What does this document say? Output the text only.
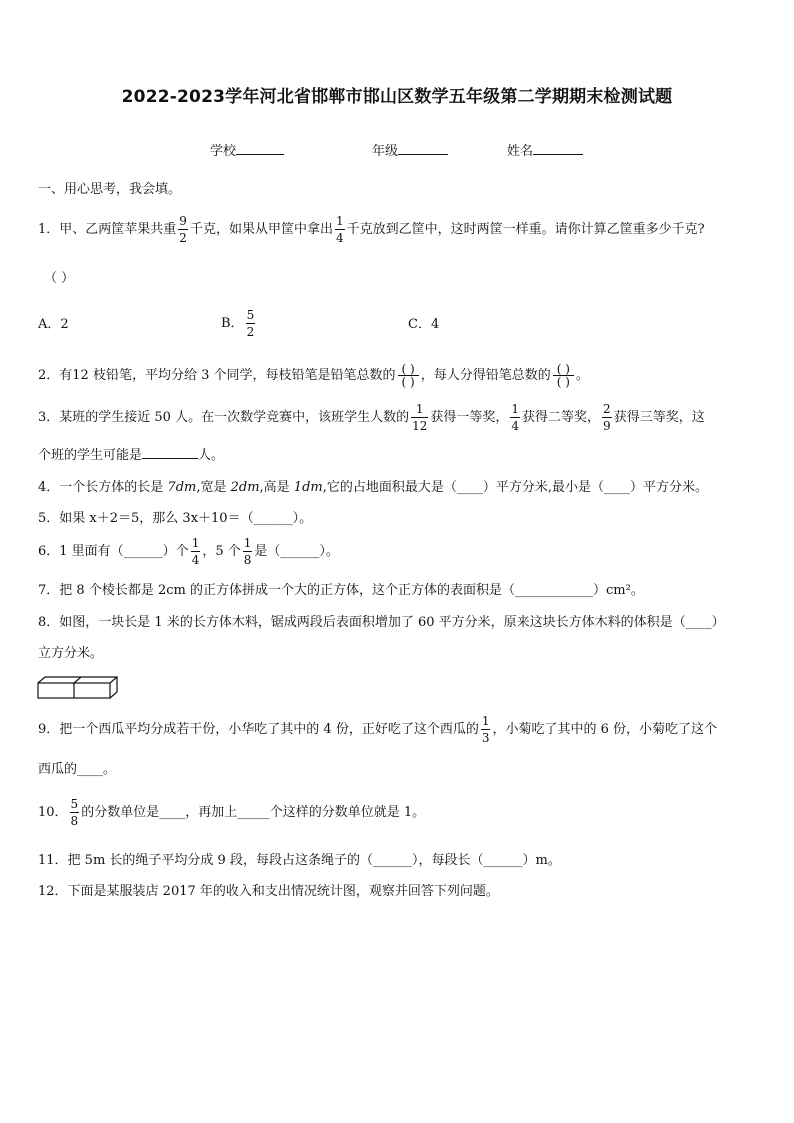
2022-2023学年河北省邯郸市邯山区数学五年级第二学期期末检测试题
学校	年级	姓名
一、用心思考，我会填。
1．甲、乙两筐苹果共重 $\frac{9}{2}$ 千克，如果从甲筐中拿出 $\frac{1}{4}$ 千克放到乙筐中，这时两筐一样重。请你计算乙筐重多少千克?
（ ）
A．2	B． $\frac{5}{2}$	C．4
2．有12 枝铅笔，平均分给 3 个同学，每枝铅笔是铅笔总数的 $\frac{( )}{( )}$ ，每人分得铅笔总数的 $\frac{( )}{( )}$ 。
3．某班的学生接近 50 人。在一次数学竞赛中，该班学生人数的 $\frac{1}{12}$ 获得一等奖， $\frac{1}{4}$ 获得二等奖， $\frac{2}{9}$ 获得三等奖，这
个班的学生可能是	人。
4．一个长方体的长是 7dm,宽是 2dm,高是 1dm,它的占地面积最大是（____）平方分米,最小是（____）平方分米。
5．如果 x＋2＝5，那么 3x＋10＝（______）。
6．1 里面有（______）个 $\frac{1}{4}$ ，5 个 $\frac{1}{8}$ 是（______）。
7．把 8 个棱长都是 2cm 的正方体拼成一个大的正方体，这个正方体的表面积是（____________）cm²。
8．如图，一块长是 1 米的长方体木料，锯成两段后表面积增加了 60 平方分米，原来这块长方体木料的体积是（____）
立方分米。
9．把一个西瓜平均分成若干份，小华吃了其中的 4 份，正好吃了这个西瓜的 $\frac{1}{3}$ ，小菊吃了其中的 6 份，小菊吃了这个
西瓜的____。
10． $\frac{5}{8}$ 的分数单位是____，再加上_____个这样的分数单位就是 1。
11．把 5m 长的绳子平均分成 9 段，每段占这条绳子的（______），每段长（______）m。
12．下面是某服装店 2017 年的收入和支出情况统计图，观察并回答下列问题。
